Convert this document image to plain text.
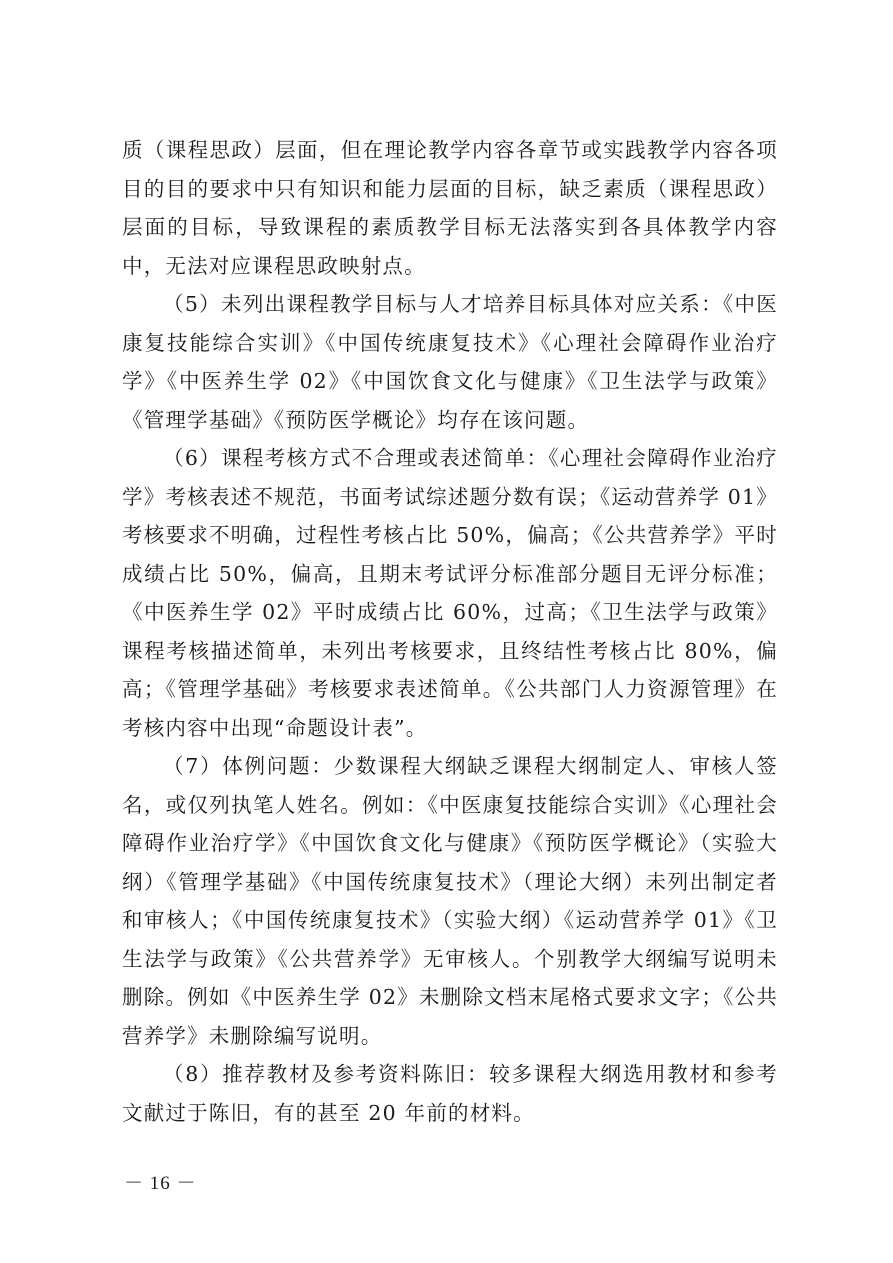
质（课程思政）层面，但在理论教学内容各章节或实践教学内容各项目的目的要求中只有知识和能力层面的目标，缺乏素质（课程思政）层面的目标，导致课程的素质教学目标无法落实到各具体教学内容中，无法对应课程思政映射点。

（5）未列出课程教学目标与人才培养目标具体对应关系：《中医康复技能综合实训》《中国传统康复技术》《心理社会障碍作业治疗学》《中医养生学 02》《中国饮食文化与健康》《卫生法学与政策》《管理学基础》《预防医学概论》均存在该问题。

（6）课程考核方式不合理或表述简单：《心理社会障碍作业治疗学》考核表述不规范，书面考试综述题分数有误；《运动营养学 01》考核要求不明确，过程性考核占比 50%，偏高；《公共营养学》平时成绩占比 50%，偏高，且期末考试评分标准部分题目无评分标准；《中医养生学 02》平时成绩占比 60%，过高；《卫生法学与政策》课程考核描述简单，未列出考核要求，且终结性考核占比 80%，偏高；《管理学基础》考核要求表述简单。《公共部门人力资源管理》在考核内容中出现“命题设计表”。

（7）体例问题：少数课程大纲缺乏课程大纲制定人、审核人签名，或仅列执笔人姓名。例如：《中医康复技能综合实训》《心理社会障碍作业治疗学》《中国饮食文化与健康》《预防医学概论》（实验大纲）《管理学基础》《中国传统康复技术》（理论大纲）未列出制定者和审核人；《中国传统康复技术》（实验大纲）《运动营养学 01》《卫生法学与政策》《公共营养学》无审核人。个别教学大纲编写说明未删除。例如《中医养生学 02》未删除文档末尾格式要求文字；《公共营养学》未删除编写说明。

（8）推荐教材及参考资料陈旧：较多课程大纲选用教材和参考文献过于陈旧，有的甚至 20 年前的材料。

－ 16 －
